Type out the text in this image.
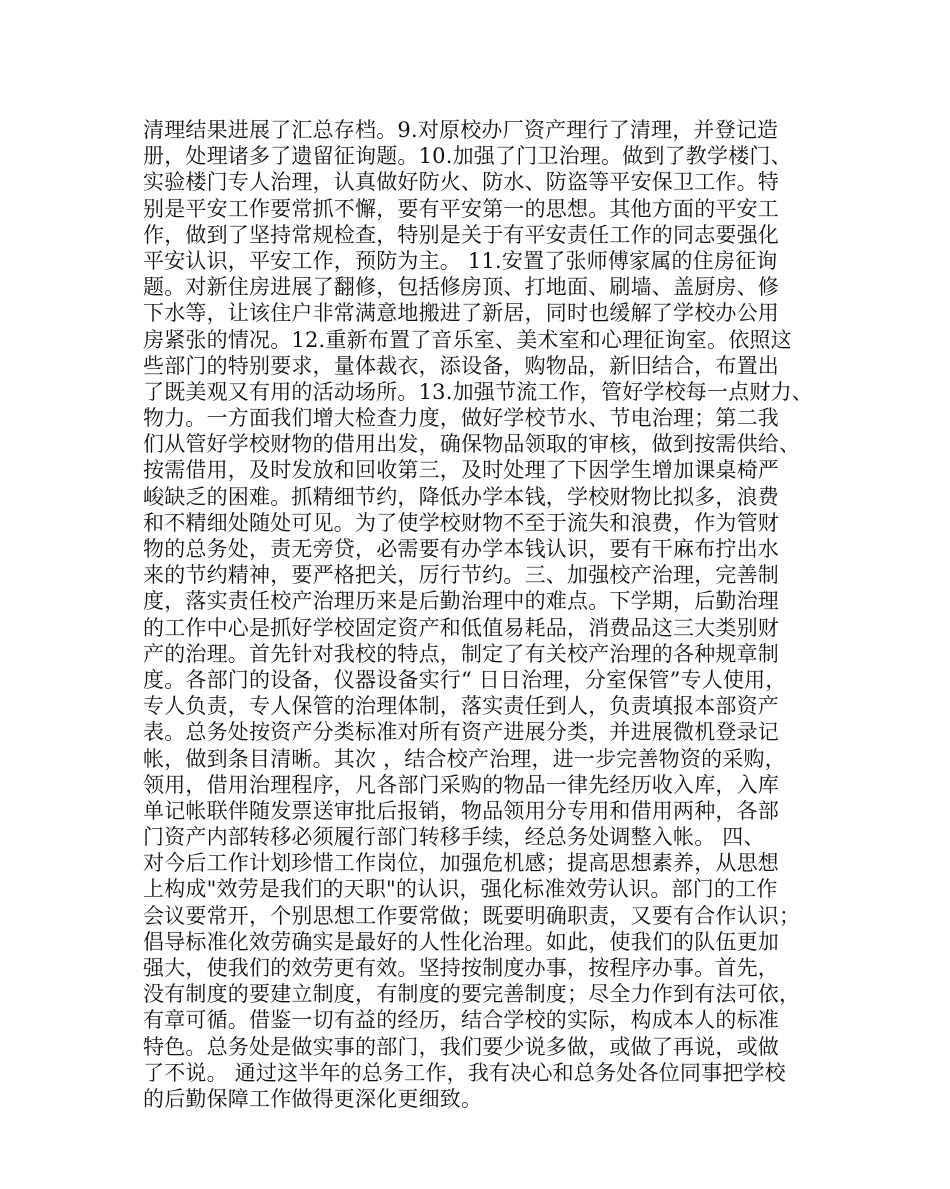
清理结果进展了汇总存档。9.对原校办厂资产理行了清理，并登记造
册，处理诸多了遗留征询题。10.加强了门卫治理。做到了教学楼门、
实验楼门专人治理，认真做好防火、防水、防盗等平安保卫工作。特
别是平安工作要常抓不懈，要有平安第一的思想。其他方面的平安工
作，做到了坚持常规检查，特别是关于有平安责任工作的同志要强化
平安认识，平安工作，预防为主。 11.安置了张师傅家属的住房征询
题。对新住房进展了翻修，包括修房顶、打地面、刷墙、盖厨房、修
下水等，让该住户非常满意地搬进了新居，同时也缓解了学校办公用
房紧张的情况。12.重新布置了音乐室、美术室和心理征询室。依照这
些部门的特别要求，量体裁衣，添设备，购物品，新旧结合，布置出
了既美观又有用的活动场所。13.加强节流工作，管好学校每一点财力、
物力。一方面我们增大检查力度，做好学校节水、节电治理；第二我
们从管好学校财物的借用出发，确保物品领取的审核，做到按需供给、
按需借用，及时发放和回收第三，及时处理了下因学生增加课桌椅严
峻缺乏的困难。抓精细节约，降低办学本钱，学校财物比拟多，浪费
和不精细处随处可见。为了使学校财物不至于流失和浪费，作为管财
物的总务处，责无旁贷，必需要有办学本钱认识，要有干麻布拧出水
来的节约精神，要严格把关，厉行节约。三、加强校产治理，完善制
度，落实责任校产治理历来是后勤治理中的难点。下学期，后勤治理
的工作中心是抓好学校固定资产和低值易耗品，消费品这三大类别财
产的治理。首先针对我校的特点，制定了有关校产治理的各种规章制
度。各部门的设备，仪器设备实行“ 日日治理，分室保管”专人使用，
专人负责，专人保管的治理体制，落实责任到人，负责填报本部资产
表。总务处按资产分类标准对所有资产进展分类，并进展微机登录记
帐，做到条目清晰。其次 ，结合校产治理，进一步完善物资的采购，
领用，借用治理程序，凡各部门采购的物品一律先经历收入库，入库
单记帐联伴随发票送审批后报销，物品领用分专用和借用两种，各部
门资产内部转移必须履行部门转移手续，经总务处调整入帐。 四、
对今后工作计划珍惜工作岗位，加强危机感；提高思想素养，从思想
上构成"效劳是我们的天职"的认识，强化标准效劳认识。部门的工作
会议要常开，个别思想工作要常做；既要明确职责，又要有合作认识；
倡导标准化效劳确实是最好的人性化治理。如此，使我们的队伍更加
强大，使我们的效劳更有效。坚持按制度办事，按程序办事。首先，
没有制度的要建立制度，有制度的要完善制度；尽全力作到有法可依，
有章可循。借鉴一切有益的经历，结合学校的实际，构成本人的标准
特色。总务处是做实事的部门，我们要少说多做，或做了再说，或做
了不说。 通过这半年的总务工作，我有决心和总务处各位同事把学校
的后勤保障工作做得更深化更细致。
